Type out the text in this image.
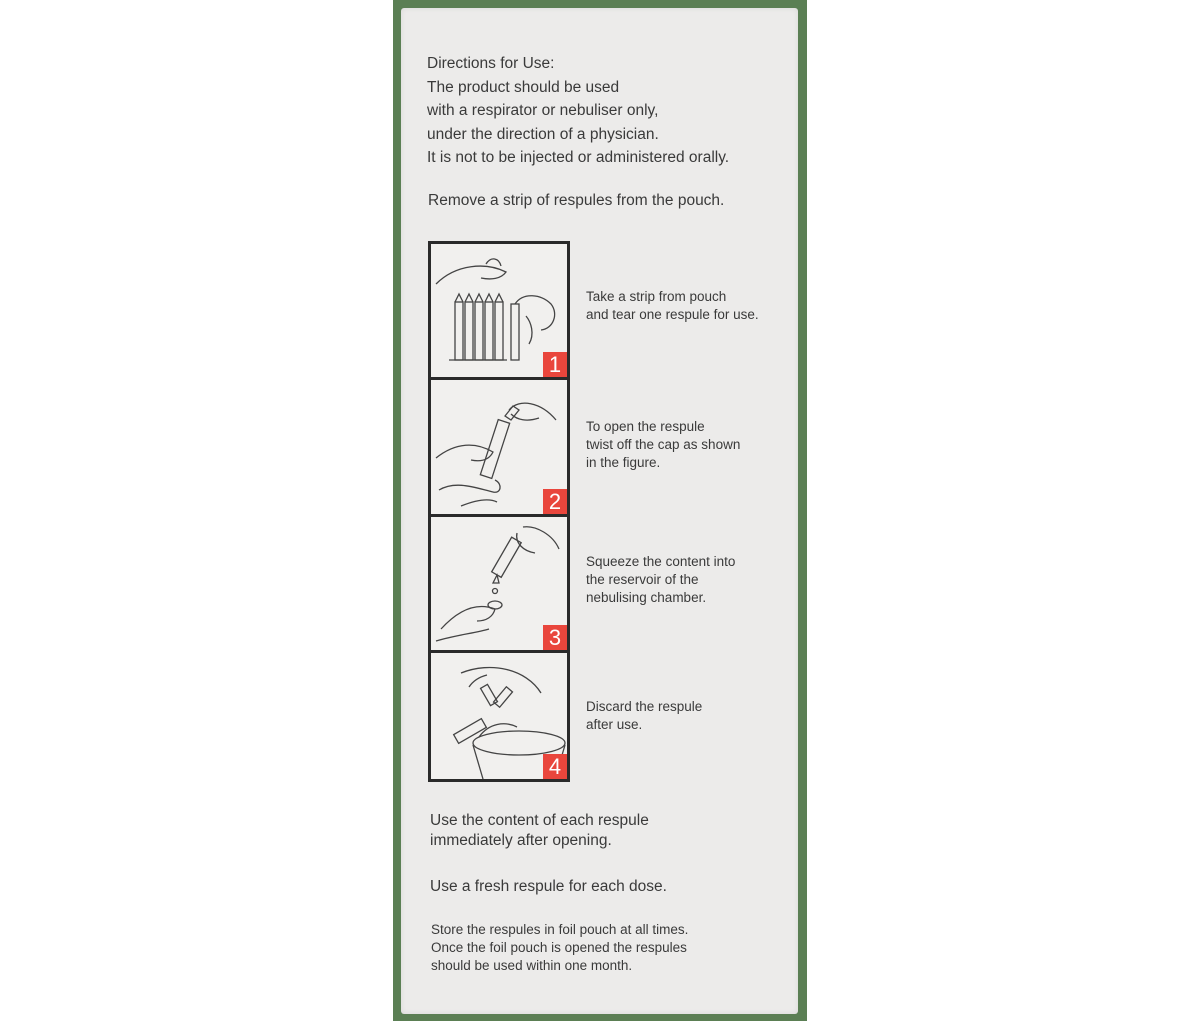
Directions for Use:
The product should be used
with a respirator or nebuliser only,
under the direction of a physician.
It is not to be injected or administered orally.
Remove a strip of respules from the pouch.
1
Take a strip from pouch
and tear one respule for use.
2
To open the respule
twist off the cap as shown
in the figure.
3
Squeeze the content into
the reservoir of the
nebulising chamber.
4
Discard the respule
after use.
Use the content of each respule
immediately after opening.
Use a fresh respule for each dose.
Store the respules in foil pouch at all times.
Once the foil pouch is opened the respules
should be used within one month.
